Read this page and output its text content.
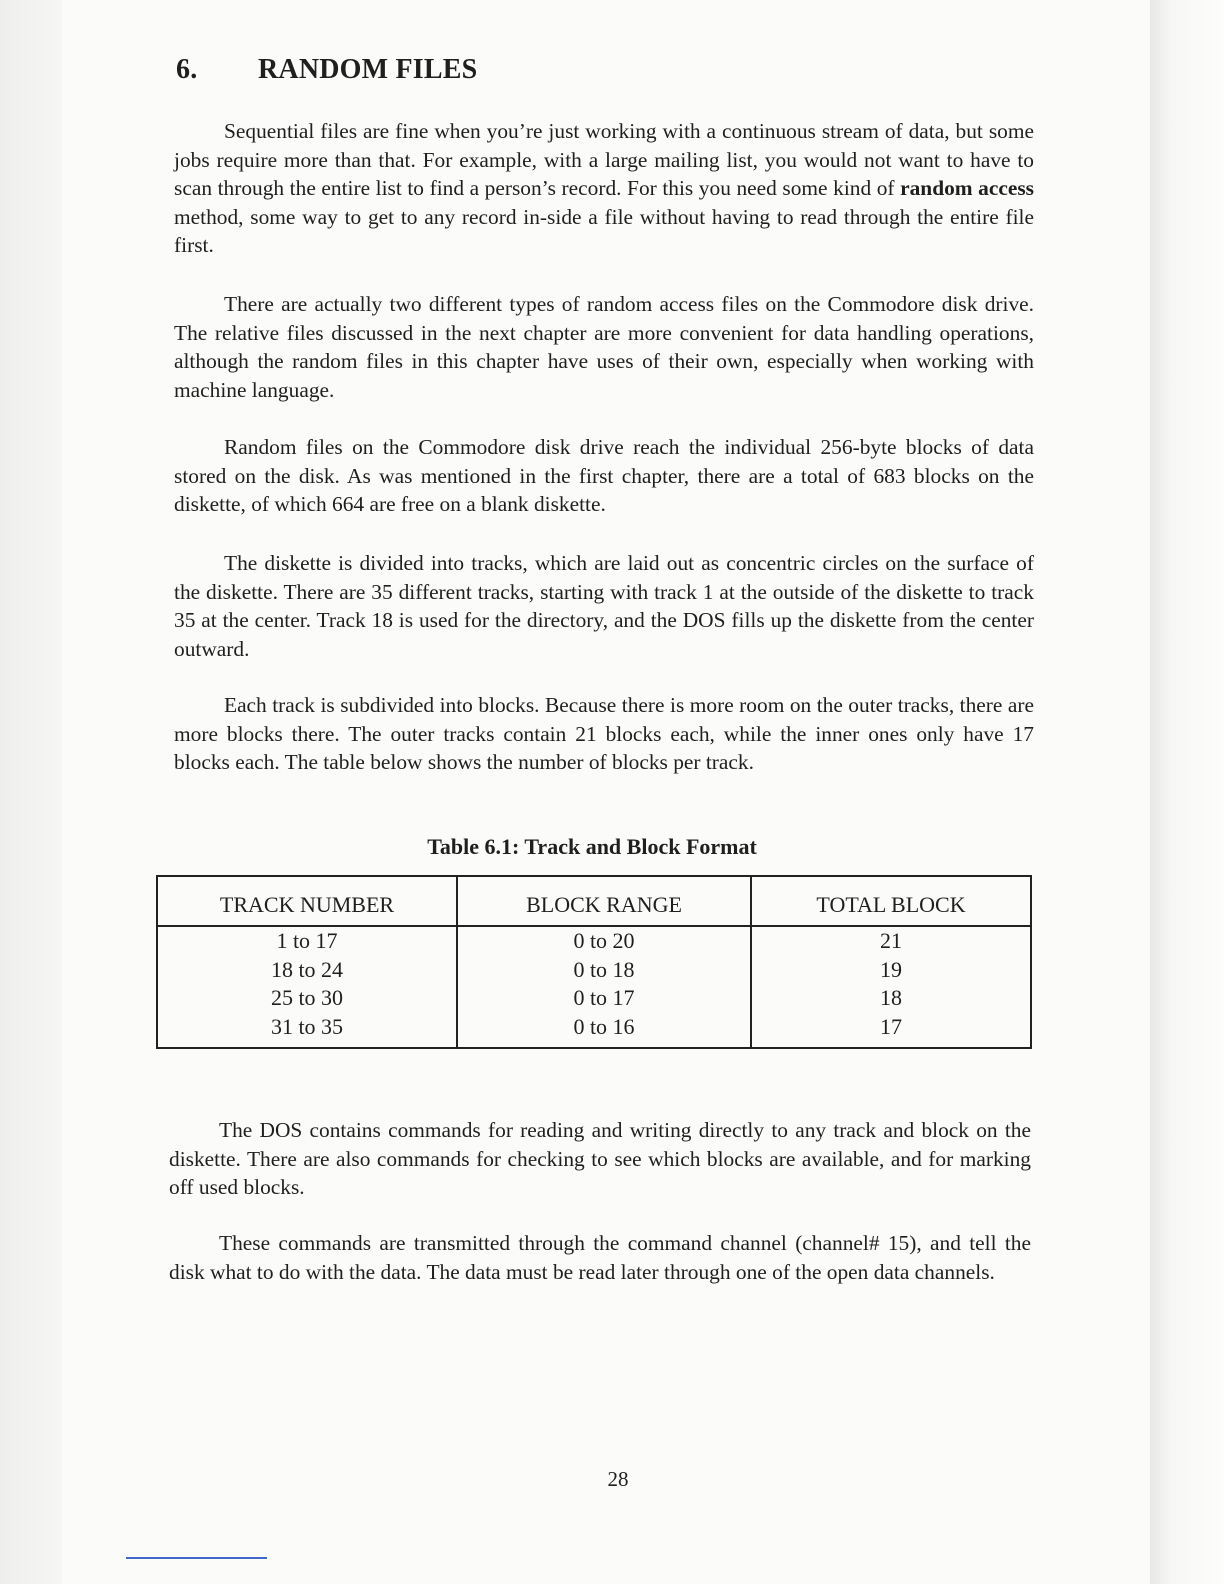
6. RANDOM FILES

Sequential files are fine when you’re just working with a continuous stream of data, but some jobs require more than that. For example, with a large mailing list, you would not want to have to scan through the entire list to find a person’s record. For this you need some kind of random access method, some way to get to any record in-side a file without having to read through the entire file first.

There are actually two different types of random access files on the Commodore disk drive. The relative files discussed in the next chapter are more convenient for data handling operations, although the random files in this chapter have uses of their own, especially when working with machine language.

Random files on the Commodore disk drive reach the individual 256-byte blocks of data stored on the disk. As was mentioned in the first chapter, there are a total of 683 blocks on the diskette, of which 664 are free on a blank diskette.

The diskette is divided into tracks, which are laid out as concentric circles on the surface of the diskette. There are 35 different tracks, starting with track 1 at the outside of the diskette to track 35 at the center. Track 18 is used for the directory, and the DOS fills up the diskette from the center outward.

Each track is subdivided into blocks. Because there is more room on the outer tracks, there are more blocks there. The outer tracks contain 21 blocks each, while the inner ones only have 17 blocks each. The table below shows the number of blocks per track.

Table 6.1: Track and Block Format

TRACK NUMBER
1 to 17
18 to 24
25 to 30
31 to 35
BLOCK RANGE
0 to 20
0 to 18
0 to 17
0 to 16
TOTAL BLOCK
21
19
18
17

The DOS contains commands for reading and writing directly to any track and block on the diskette. There are also commands for checking to see which blocks are available, and for marking off used blocks.

These commands are transmitted through the command channel (channel# 15), and tell the disk what to do with the data. The data must be read later through one of the open data channels.

28
